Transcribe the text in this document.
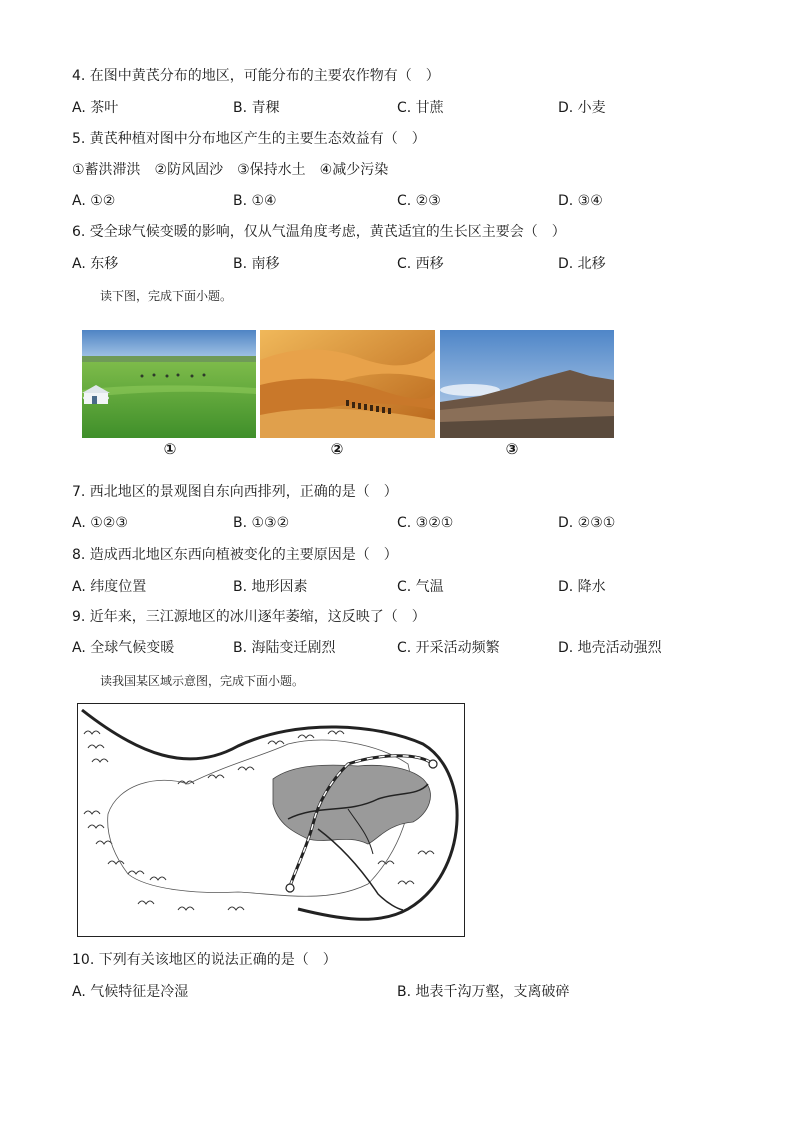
4. 在图中黄芪分布的地区，可能分布的主要农作物有（　）
A. 茶叶	B. 青稞	C. 甘蔗	D. 小麦
5. 黄芪种植对图中分布地区产生的主要生态效益有（　）
①蓄洪滞洪　②防风固沙　③保持水土　④减少污染
A. ①②	B. ①④	C. ②③	D. ③④
6. 受全球气候变暖的影响，仅从气温角度考虑，黄芪适宜的生长区主要会（　）
A. 东移	B. 南移	C. 西移	D. 北移
读下图，完成下面小题。
①	②	③
7. 西北地区的景观图自东向西排列，正确的是（　）
A. ①②③	B. ①③②	C. ③②①	D. ②③①
8. 造成西北地区东西向植被变化的主要原因是（　）
A. 纬度位置	B. 地形因素	C. 气温	D. 降水
9. 近年来，三江源地区的冰川逐年萎缩，这反映了（　）
A. 全球气候变暖	B. 海陆变迁剧烈	C. 开采活动频繁	D. 地壳活动强烈
读我国某区域示意图，完成下面小题。
10. 下列有关该地区的说法正确的是（　）
A. 气候特征是冷湿	B. 地表千沟万壑，支离破碎
